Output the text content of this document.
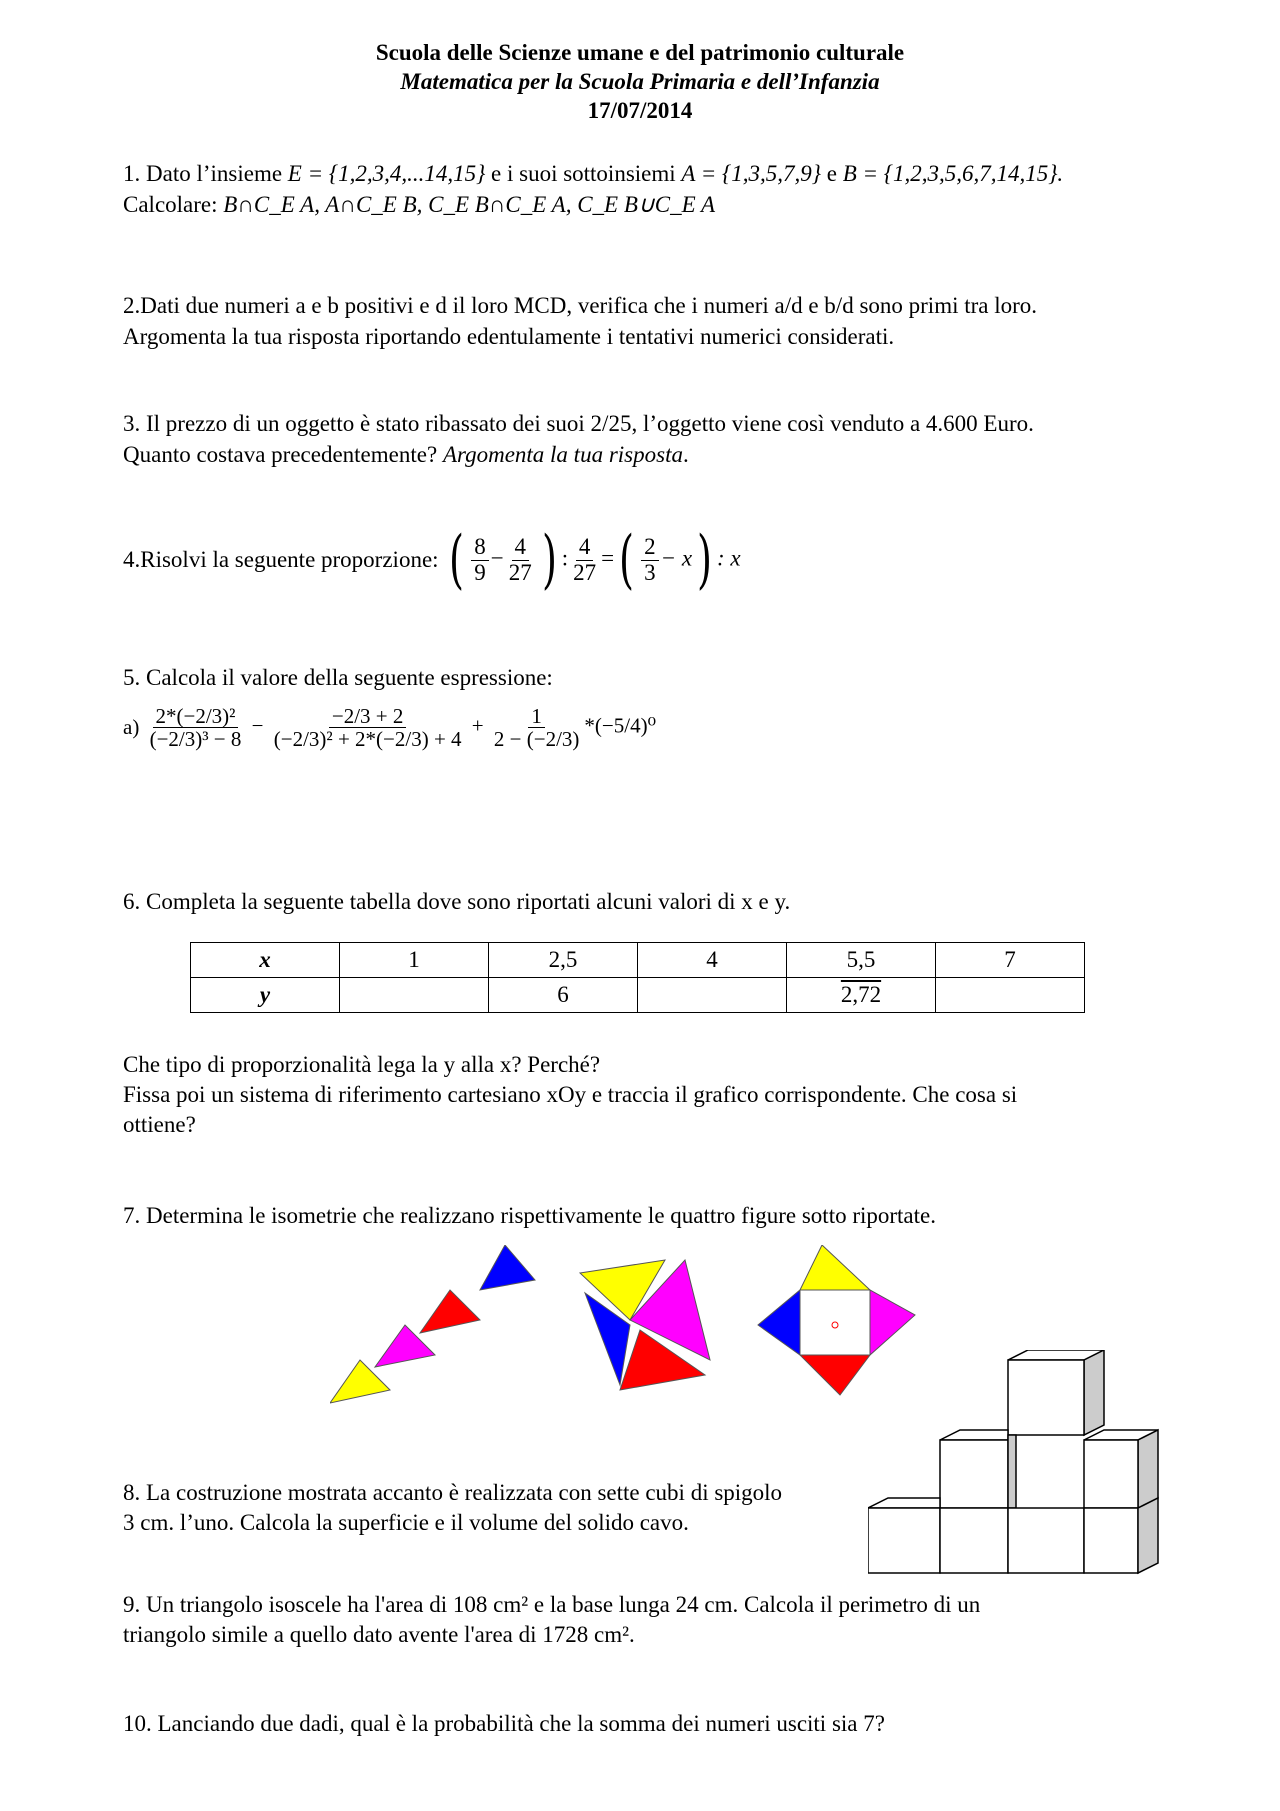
Scuola delle Scienze umane e del patrimonio culturale
Matematica per la Scuola Primaria e dell’Infanzia
17/07/2014
1. Dato l’insieme E = {1,2,3,4,...14,15} e i suoi sottoinsiemi A = {1,3,5,7,9} e B = {1,2,3,5,6,7,14,15}.
Calcolare: B∩C_E A, A∩C_E B, C_E B∩C_E A, C_E B∪C_E A
2.Dati due numeri a e b positivi e d il loro MCD, verifica che i numeri a/d e b/d sono primi tra loro.
Argomenta la tua risposta riportando edentulamente i tentativi numerici considerati.
3. Il prezzo di un oggetto è stato ribassato dei suoi 2/25, l’oggetto viene così venduto a 4.600 Euro.
Quanto costava precedentemente? Argomenta la tua risposta.
4.Risolvi la seguente proporzione: ( $\frac{8}{9} - \frac{4}{27}$ ) : $\frac{4}{27}$ =( $\frac{2}{3} - x$) : x
5. Calcola il valore della seguente espressione:
$a) \frac{\text{2*(−2/3)²}}{\text{(−2/3)³ − 8}} - \frac{-2/3 + 2}{\text{(−2/3)² + 2*(−2/3) + 4}} + \frac{1}{2 - (-2/3)} *(-5/4)^0$
6. Completa la seguente tabella dove sono riportati alcuni valori di x e y.
x	1	2,5	4	5,5	7
y		6		2,72	
Che tipo di proporzionalità lega la y alla x? Perché?
Fissa poi un sistema di riferimento cartesiano xOy e traccia il grafico corrispondente. Che cosa si
ottiene?
7. Determina le isometrie che realizzano rispettivamente le quattro figure sotto riportate.
8. La costruzione mostrata accanto è realizzata con sette cubi di spigolo
3 cm. l’uno. Calcola la superficie e il volume del solido cavo.
9. Un triangolo isoscele ha l'area di 108 cm² e la base lunga 24 cm. Calcola il perimetro di un
triangolo simile a quello dato avente l'area di 1728 cm².
10. Lanciando due dadi, qual è la probabilità che la somma dei numeri usciti sia 7?
